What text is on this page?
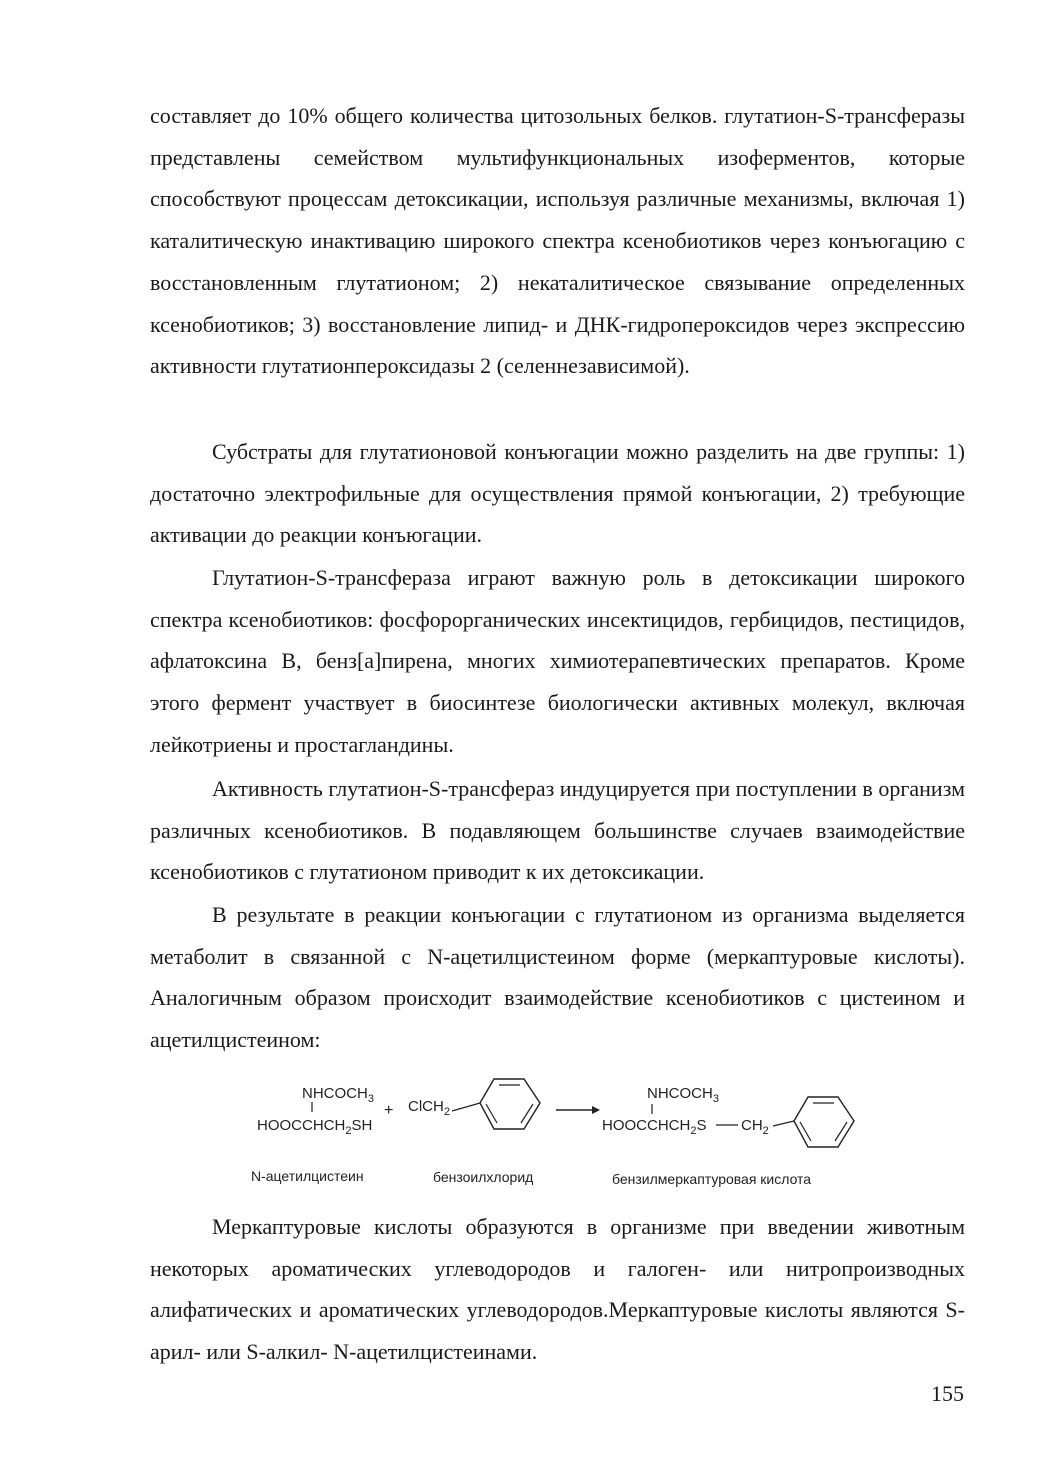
составляет до 10% общего количества цитозольных белков. глутатион-S-трансферазы представлены семейством мультифункциональных изоферментов, которые способствуют процессам детоксикации, используя различные механизмы, включая 1) каталитическую инактивацию широкого спектра ксенобиотиков через конъюгацию с восстановленным глутатионом; 2) некаталитическое связывание определенных ксенобиотиков; 3) восстановление липид- и ДНК-гидропероксидов через экспрессию активности глутатионпероксидазы 2 (селеннезависимой).

Субстраты для глутатионовой конъюгации можно разделить на две группы: 1) достаточно электрофильные для осуществления прямой конъюгации, 2) требующие активации до реакции конъюгации.

Глутатион-S-трансфераза играют важную роль в детоксикации широкого спектра ксенобиотиков: фосфорорганических инсектицидов, гербицидов, пестицидов, афлатоксина В, бенз[а]пирена, многих химиотерапевтических препаратов. Кроме этого фермент участвует в биосинтезе биологически активных молекул, включая лейкотриены и простагландины.

Активность глутатион-S-трансфераз индуцируется при поступлении в организм различных ксенобиотиков. В подавляющем большинстве случаев взаимодействие ксенобиотиков с глутатионом приводит к их детоксикации.

В результате в реакции конъюгации с глутатионом из организма выделяется метаболит в связанной с N-ацетилцистеином форме (меркаптуровые кислоты). Аналогичным образом происходит взаимодействие ксенобиотиков с цистеином и ацетилцистеином:

$NHCOCH_3$
$HOOCCHCH_2SH$
+ ClCH$_2$
$NHCOCH_3$
$HOOCCHCH_2S$ $CH_2$
N-ацетилцистеин	бензоилхлорид	бензилмеркаптуровая кислота

Меркаптуровые кислоты образуются в организме при введении животным некоторых ароматических углеводородов и галоген- или нитропроизводных алифатических и ароматических углеводородов.Меркаптуровые кислоты являются S-арил- или S-алкил- N-ацетилцистеинами.

155
